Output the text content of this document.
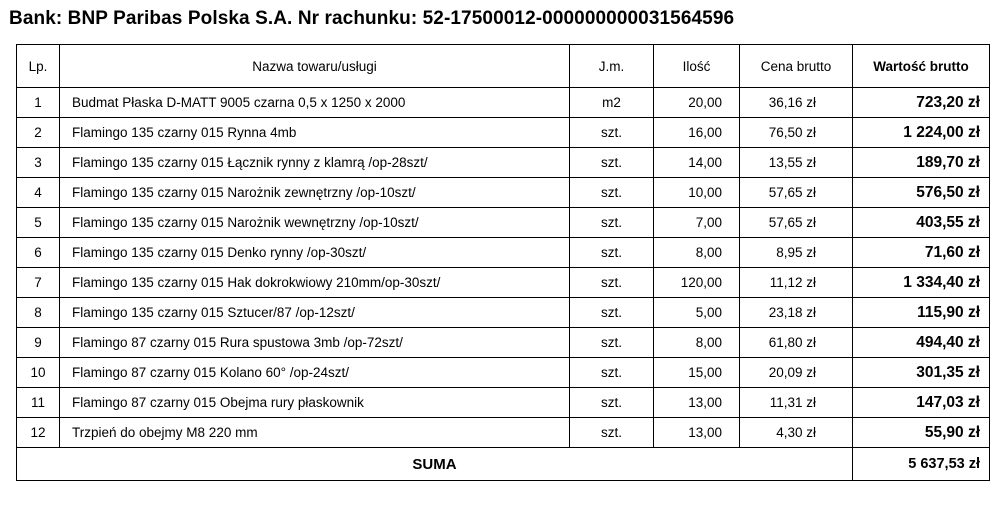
Bank: BNP Paribas Polska S.A. Nr rachunku: 52-17500012-000000000031564596
Lp.	Nazwa towaru/usługi	J.m.	Ilość	Cena brutto	Wartość brutto
1	Budmat Płaska D-MATT 9005 czarna 0,5 x 1250 x 2000	m2	20,00	36,16 zł	723,20 zł
2	Flamingo 135 czarny 015 Rynna 4mb	szt.	16,00	76,50 zł	1 224,00 zł
3	Flamingo 135 czarny 015 Łącznik rynny z klamrą /op-28szt/	szt.	14,00	13,55 zł	189,70 zł
4	Flamingo 135 czarny 015 Narożnik zewnętrzny /op-10szt/	szt.	10,00	57,65 zł	576,50 zł
5	Flamingo 135 czarny 015 Narożnik wewnętrzny /op-10szt/	szt.	7,00	57,65 zł	403,55 zł
6	Flamingo 135 czarny 015 Denko rynny /op-30szt/	szt.	8,00	8,95 zł	71,60 zł
7	Flamingo 135 czarny 015 Hak dokrokwiowy 210mm/op-30szt/	szt.	120,00	11,12 zł	1 334,40 zł
8	Flamingo 135 czarny 015 Sztucer/87 /op-12szt/	szt.	5,00	23,18 zł	115,90 zł
9	Flamingo 87 czarny 015 Rura spustowa 3mb /op-72szt/	szt.	8,00	61,80 zł	494,40 zł
10	Flamingo 87 czarny 015 Kolano 60° /op-24szt/	szt.	15,00	20,09 zł	301,35 zł
11	Flamingo 87 czarny 015 Obejma rury płaskownik	szt.	13,00	11,31 zł	147,03 zł
12	Trzpień do obejmy M8 220 mm	szt.	13,00	4,30 zł	55,90 zł
SUMA					5 637,53 zł
